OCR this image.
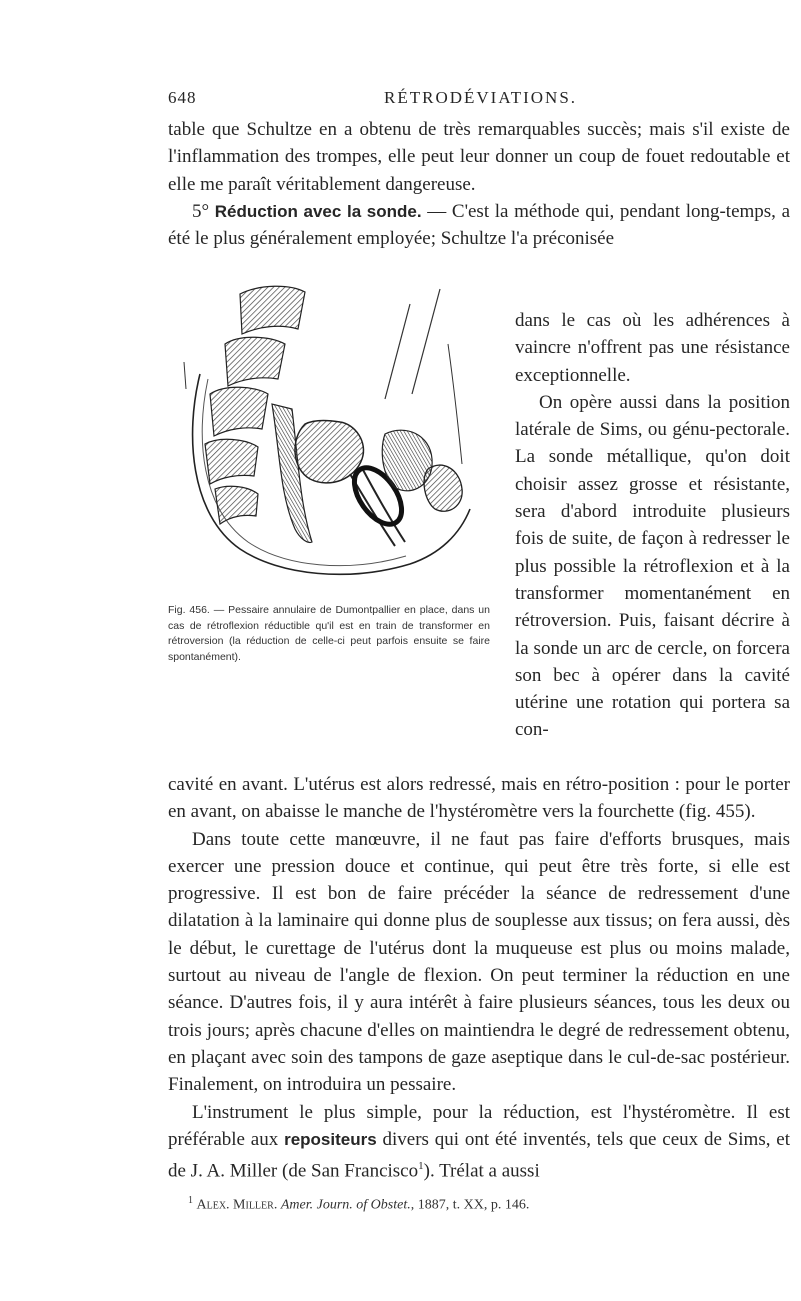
648	RÉTRODÉVIATIONS.

table que Schultze en a obtenu de très remarquables succès; mais s'il existe de l'inflammation des trompes, elle peut leur donner un coup de fouet redoutable et elle me paraît véritablement dangereuse.

5° Réduction avec la sonde. — C'est la méthode qui, pendant long-temps, a été le plus généralement employée; Schultze l'a préconisée

Fig. 456. — Pessaire annulaire de Dumontpallier en place, dans un cas de rétroflexion réductible qu'il est en train de transformer en rétroversion (la réduction de celle-ci peut parfois ensuite se faire spontanément).

dans le cas où les adhérences à vaincre n'offrent pas une résistance exceptionnelle.

On opère aussi dans la position latérale de Sims, ou génu-pectorale. La sonde métallique, qu'on doit choisir assez grosse et résistante, sera d'abord introduite plusieurs fois de suite, de façon à redresser le plus possible la rétroflexion et à la transformer momentanément en rétroversion. Puis, faisant décrire à la sonde un arc de cercle, on forcera son bec à opérer dans la cavité utérine une rotation qui portera sa con-

cavité en avant. L'utérus est alors redressé, mais en rétro-position : pour le porter en avant, on abaisse le manche de l'hystéromètre vers la fourchette (fig. 455).

Dans toute cette manœuvre, il ne faut pas faire d'efforts brusques, mais exercer une pression douce et continue, qui peut être très forte, si elle est progressive. Il est bon de faire précéder la séance de redressement d'une dilatation à la laminaire qui donne plus de souplesse aux tissus; on fera aussi, dès le début, le curettage de l'utérus dont la muqueuse est plus ou moins malade, surtout au niveau de l'angle de flexion. On peut terminer la réduction en une séance. D'autres fois, il y aura intérêt à faire plusieurs séances, tous les deux ou trois jours; après chacune d'elles on maintiendra le degré de redressement obtenu, en plaçant avec soin des tampons de gaze aseptique dans le cul-de-sac postérieur. Finalement, on introduira un pessaire.

L'instrument le plus simple, pour la réduction, est l'hystéromètre. Il est préférable aux repositeurs divers qui ont été inventés, tels que ceux de Sims, et de J. A. Miller (de San Francisco$^1$). Trélat a aussi

$^1$ Alex. Miller. Amer. Journ. of Obstet., 1887, t. XX, p. 146.
